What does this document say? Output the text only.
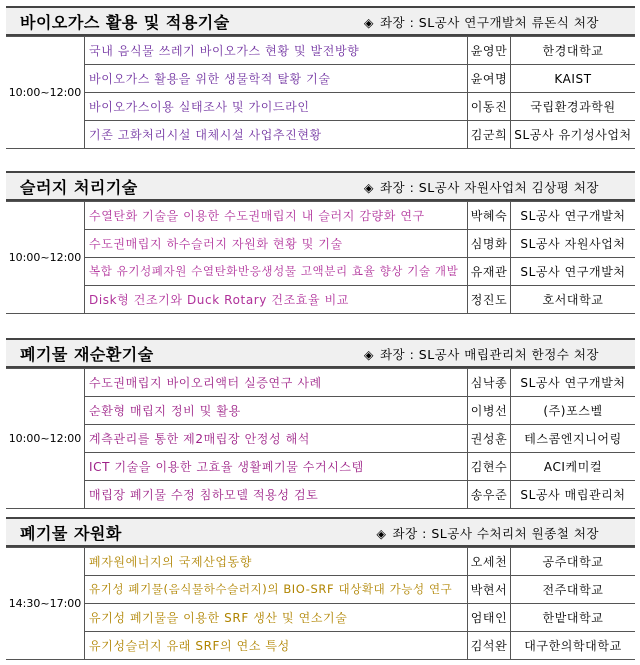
바이오가스 활용 및 적용기술	◈ 좌장 : SL공사 연구개발처 류돈식 처장
10:00~12:00	국내 음식물 쓰레기 바이오가스 현황 및 발전방향	윤영만	한경대학교
	바이오가스 활용을 위한 생물학적 탈황 기술	윤여명	KAIST
	바이오가스이용 실태조사 및 가이드라인	이동진	국립환경과학원
	기존 고화처리시설 대체시설 사업추진현황	김군희	SL공사 유기성사업처
슬러지 처리기술	◈ 좌장 : SL공사 자원사업처 김상평 처장
10:00~12:00	수열탄화 기술을 이용한 수도권매립지 내 슬러지 감량화 연구	박혜숙	SL공사 연구개발처
	수도권매립지 하수슬러지 자원화 현황 및 기술	심명화	SL공사 자원사업처
	복합 유기성폐자원 수열탄화반응생성물 고액분리 효율 향상 기술 개발	유재관	SL공사 연구개발처
	Disk형 건조기와 Duck Rotary 건조효율 비교	정진도	호서대학교
폐기물 재순환기술	◈ 좌장 : SL공사 매립관리처 한정수 처장
10:00~12:00	수도권매립지 바이오리액터 실증연구 사례	심낙종	SL공사 연구개발처
	순환형 매립지 정비 및 활용	이병선	(주)포스벨
	계측관리를 통한 제2매립장 안정성 해석	권성훈	테스콤엔지니어링
	ICT 기술을 이용한 고효율 생활폐기물 수거시스템	김현수	ACI케미컬
	매립장 폐기물 수정 침하모델 적용성 검토	송우준	SL공사 매립관리처
폐기물 자원화	◈ 좌장 : SL공사 수처리처 원종철 처장
14:30~17:00	폐자원에너지의 국제산업동향	오세천	공주대학교
	유기성 폐기물(음식물하수슬러지)의 BIO-SRF 대상확대 가능성 연구	박현서	전주대학교
	유기성 폐기물을 이용한 SRF 생산 및 연소기술	엄태인	한밭대학교
	유기성슬러지 유래 SRF의 연소 특성	김석완	대구한의학대학교
